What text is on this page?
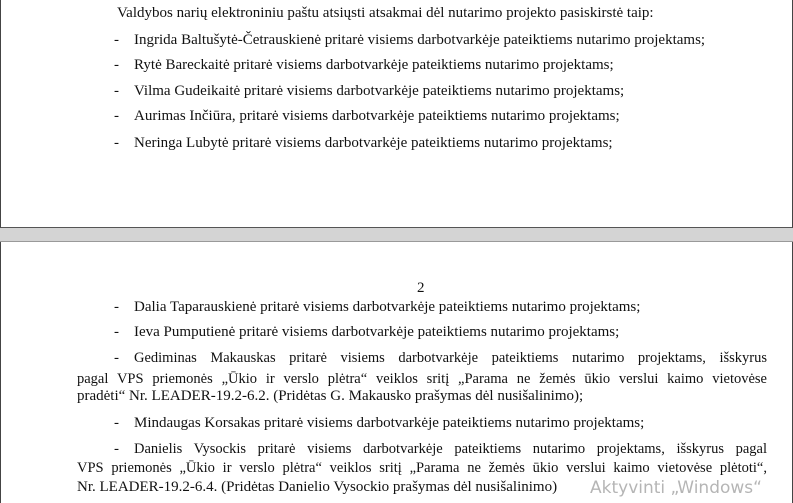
Valdybos narių elektroniniu paštu atsiųsti atsakmai dėl nutarimo projekto pasiskirstė taip:
- Ingrida Baltušytė-Četrauskienė pritarė visiems darbotvarkėje pateiktiems nutarimo projektams;
- Rytė Bareckaitė pritarė visiems darbotvarkėje pateiktiems nutarimo projektams;
- Vilma Gudeikaitė pritarė visiems darbotvarkėje pateiktiems nutarimo projektams;
- Aurimas Inčiūra, pritarė visiems darbotvarkėje pateiktiems nutarimo projektams;
- Neringa Lubytė pritarė visiems darbotvarkėje pateiktiems nutarimo projektams;
2
- Dalia Taparauskienė pritarė visiems darbotvarkėje pateiktiems nutarimo projektams;
- Ieva Pumputienė pritarė visiems darbotvarkėje pateiktiems nutarimo projektams;
- Gediminas Makauskas pritarė visiems darbotvarkėje pateiktiems nutarimo projektams, išskyrus
pagal VPS priemonės „Ūkio ir verslo plėtra“ veiklos sritį „Parama ne žemės ūkio verslui kaimo vietovėse
pradėti“ Nr. LEADER-19.2-6.2. (Pridėtas G. Makausko prašymas dėl nusišalinimo);
- Mindaugas Korsakas pritarė visiems darbotvarkėje pateiktiems nutarimo projektams;
- Danielis Vysockis pritarė visiems darbotvarkėje pateiktiems nutarimo projektams, išskyrus pagal
VPS priemonės „Ūkio ir verslo plėtra“ veiklos sritį „Parama ne žemės ūkio verslui kaimo vietovėse plėtoti“,
Nr. LEADER-19.2-6.4. (Pridėtas Danielio Vysockio prašymas dėl nusišalinimo) Aktyvinti „Windows“
